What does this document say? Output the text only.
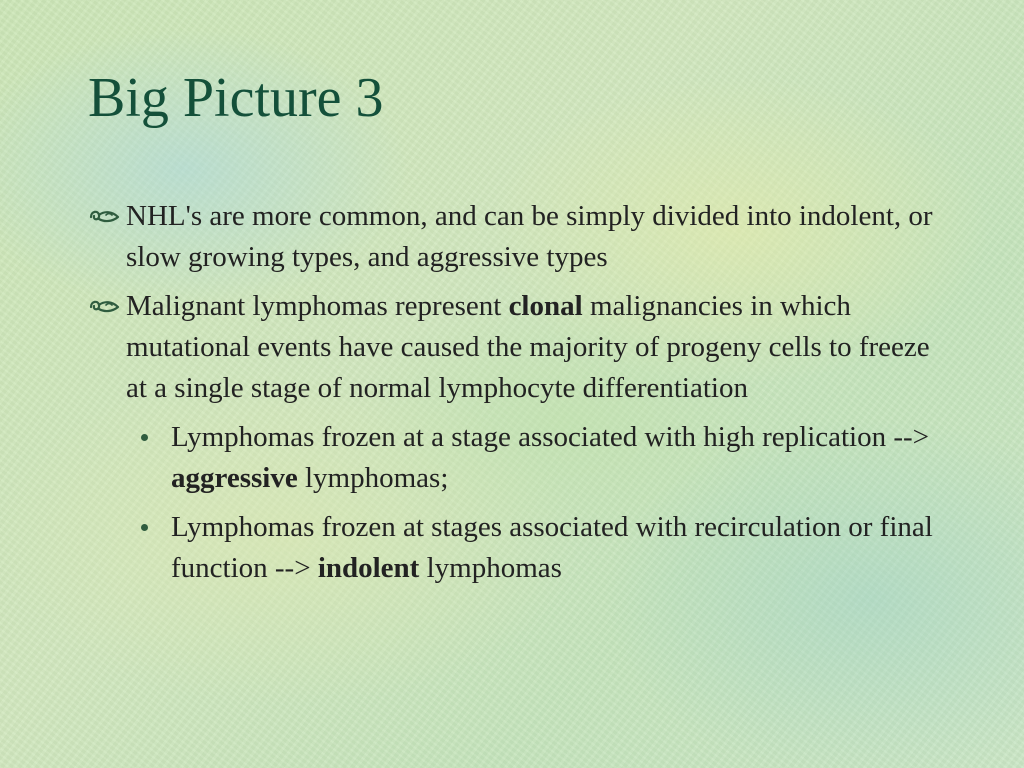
Big Picture 3
NHL's are more common, and can be simply divided into indolent, or slow growing types, and aggressive types
Malignant lymphomas represent clonal malignancies in which mutational events have caused the majority of progeny cells to freeze at a single stage of normal lymphocyte differentiation
Lymphomas frozen at a stage associated with high replication --> aggressive lymphomas;
Lymphomas frozen at stages associated with recirculation or final function --> indolent lymphomas
